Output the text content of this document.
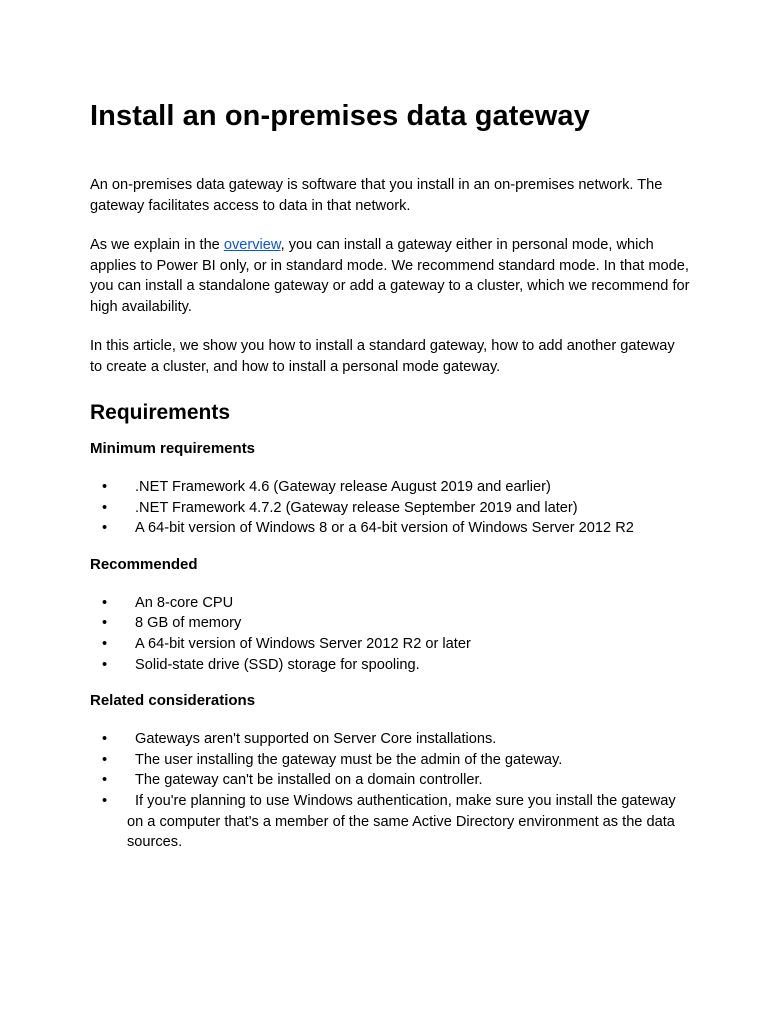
Install an on-premises data gateway

An on-premises data gateway is software that you install in an on-premises network. The gateway facilitates access to data in that network.

As we explain in the overview, you can install a gateway either in personal mode, which applies to Power BI only, or in standard mode. We recommend standard mode. In that mode, you can install a standalone gateway or add a gateway to a cluster, which we recommend for high availability.

In this article, we show you how to install a standard gateway, how to add another gateway to create a cluster, and how to install a personal mode gateway.

Requirements
Minimum requirements
• .NET Framework 4.6 (Gateway release August 2019 and earlier)
• .NET Framework 4.7.2 (Gateway release September 2019 and later)
• A 64-bit version of Windows 8 or a 64-bit version of Windows Server 2012 R2
Recommended
• An 8-core CPU
• 8 GB of memory
• A 64-bit version of Windows Server 2012 R2 or later
• Solid-state drive (SSD) storage for spooling.
Related considerations
• Gateways aren't supported on Server Core installations.
• The user installing the gateway must be the admin of the gateway.
• The gateway can't be installed on a domain controller.
• If you're planning to use Windows authentication, make sure you install the gateway on a computer that's a member of the same Active Directory environment as the data sources.
